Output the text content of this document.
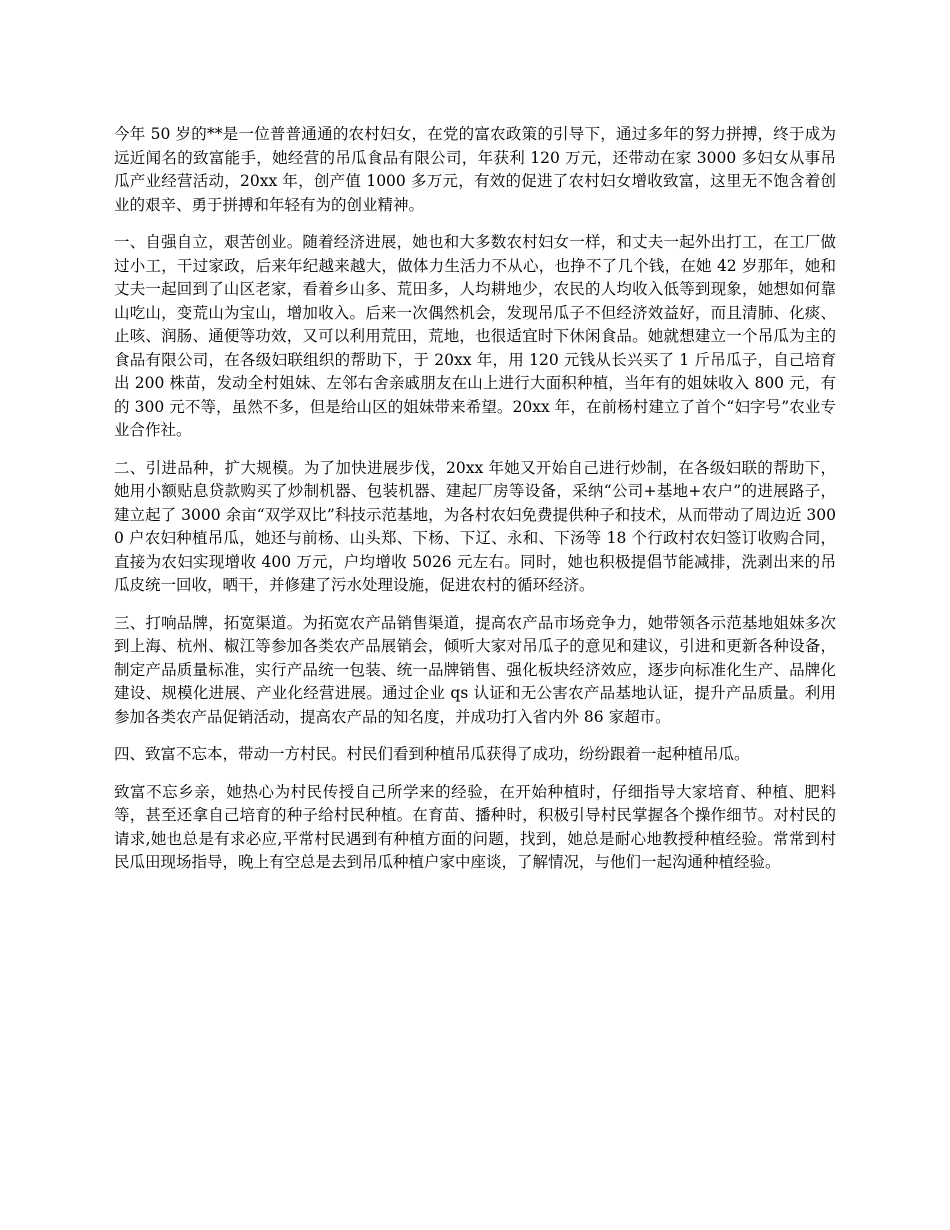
今年 50 岁的**是一位普普通通的农村妇女，在党的富农政策的引导下，通过多年的努力拼搏，终于成为远近闻名的致富能手，她经营的吊瓜食品有限公司，年获利 120 万元，还带动在家 3000 多妇女从事吊瓜产业经营活动，20xx 年，创产值 1000 多万元，有效的促进了农村妇女增收致富，这里无不饱含着创业的艰辛、勇于拼搏和年轻有为的创业精神。

一、自强自立，艰苦创业。随着经济进展，她也和大多数农村妇女一样，和丈夫一起外出打工，在工厂做过小工，干过家政，后来年纪越来越大，做体力生活力不从心，也挣不了几个钱，在她 42 岁那年，她和丈夫一起回到了山区老家，看着乡山多、荒田多，人均耕地少，农民的人均收入低等到现象，她想如何靠山吃山，变荒山为宝山，增加收入。后来一次偶然机会，发现吊瓜子不但经济效益好，而且清肺、化痰、止咳、润肠、通便等功效，又可以利用荒田，荒地，也很适宜时下休闲食品。她就想建立一个吊瓜为主的食品有限公司，在各级妇联组织的帮助下，于 20xx 年，用 120 元钱从长兴买了 1 斤吊瓜子，自己培育出 200 株苗，发动全村姐妹、左邻右舍亲戚朋友在山上进行大面积种植，当年有的姐妹收入 800 元，有的 300 元不等，虽然不多，但是给山区的姐妹带来希望。20xx 年，在前杨村建立了首个“妇字号”农业专业合作社。

二、引进品种，扩大规模。为了加快进展步伐，20xx 年她又开始自己进行炒制，在各级妇联的帮助下，她用小额贴息贷款购买了炒制机器、包装机器、建起厂房等设备，采纳“公司+基地+农户”的进展路子，建立起了 3000 余亩“双学双比”科技示范基地，为各村农妇免费提供种子和技术，从而带动了周边近 3000 户农妇种植吊瓜，她还与前杨、山头郑、下杨、下辽、永和、下汤等 18 个行政村农妇签订收购合同，直接为农妇实现增收 400 万元，户均增收 5026 元左右。同时，她也积极提倡节能减排，洗剥出来的吊瓜皮统一回收，晒干，并修建了污水处理设施，促进农村的循环经济。

三、打响品牌，拓宽渠道。为拓宽农产品销售渠道，提高农产品市场竞争力，她带领各示范基地姐妹多次到上海、杭州、椒江等参加各类农产品展销会，倾听大家对吊瓜子的意见和建议，引进和更新各种设备，制定产品质量标准，实行产品统一包装、统一品牌销售、强化板块经济效应，逐步向标准化生产、品牌化建设、规模化进展、产业化经营进展。通过企业 qs 认证和无公害农产品基地认证，提升产品质量。利用参加各类农产品促销活动，提高农产品的知名度，并成功打入省内外 86 家超市。

四、致富不忘本，带动一方村民。村民们看到种植吊瓜获得了成功，纷纷跟着一起种植吊瓜。

致富不忘乡亲，她热心为村民传授自己所学来的经验，在开始种植时，仔细指导大家培育、种植、肥料等，甚至还拿自己培育的种子给村民种植。在育苗、播种时，积极引导村民掌握各个操作细节。对村民的请求,她也总是有求必应,平常村民遇到有种植方面的问题，找到，她总是耐心地教授种植经验。常常到村民瓜田现场指导，晚上有空总是去到吊瓜种植户家中座谈，了解情况，与他们一起沟通种植经验。
